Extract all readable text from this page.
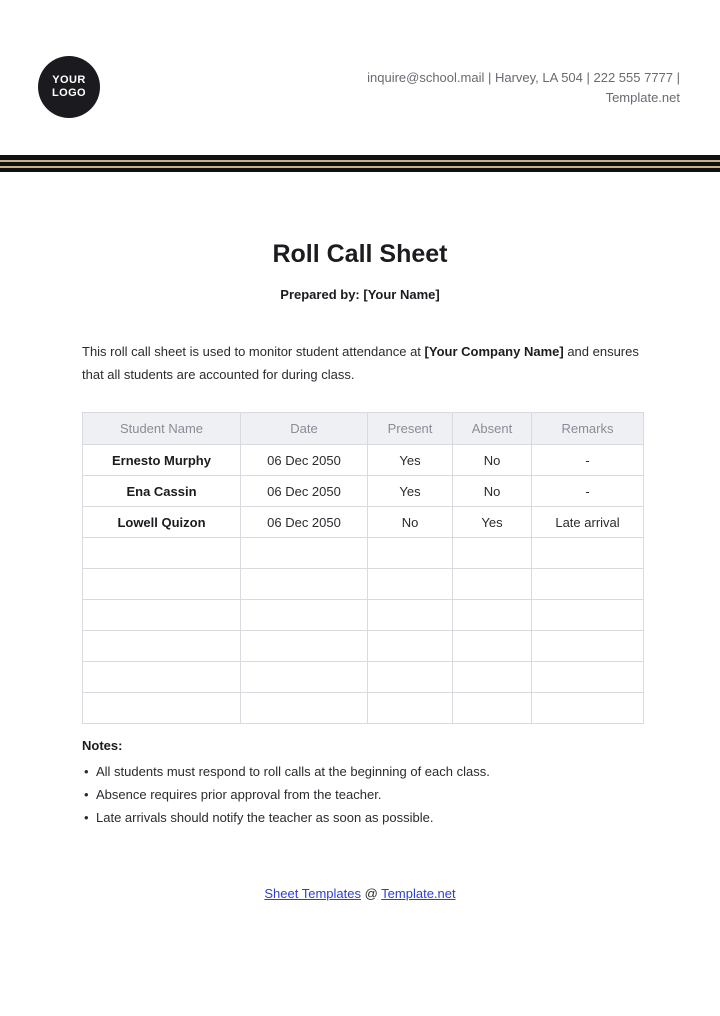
YOUR
LOGO
inquire@school.mail | Harvey, LA 504 | 222 555 7777 |
Template.net
Roll Call Sheet
Prepared by: [Your Name]
This roll call sheet is used to monitor student attendance at [Your Company Name] and ensures that all students are accounted for during class.
Student Name	Date	Present	Absent	Remarks
Ernesto Murphy	06 Dec 2050	Yes	No	-
Ena Cassin	06 Dec 2050	Yes	No	-
Lowell Quizon	06 Dec 2050	No	Yes	Late arrival

Notes:
• All students must respond to roll calls at the beginning of each class.
• Absence requires prior approval from the teacher.
• Late arrivals should notify the teacher as soon as possible.
Sheet Templates @ Template.net
